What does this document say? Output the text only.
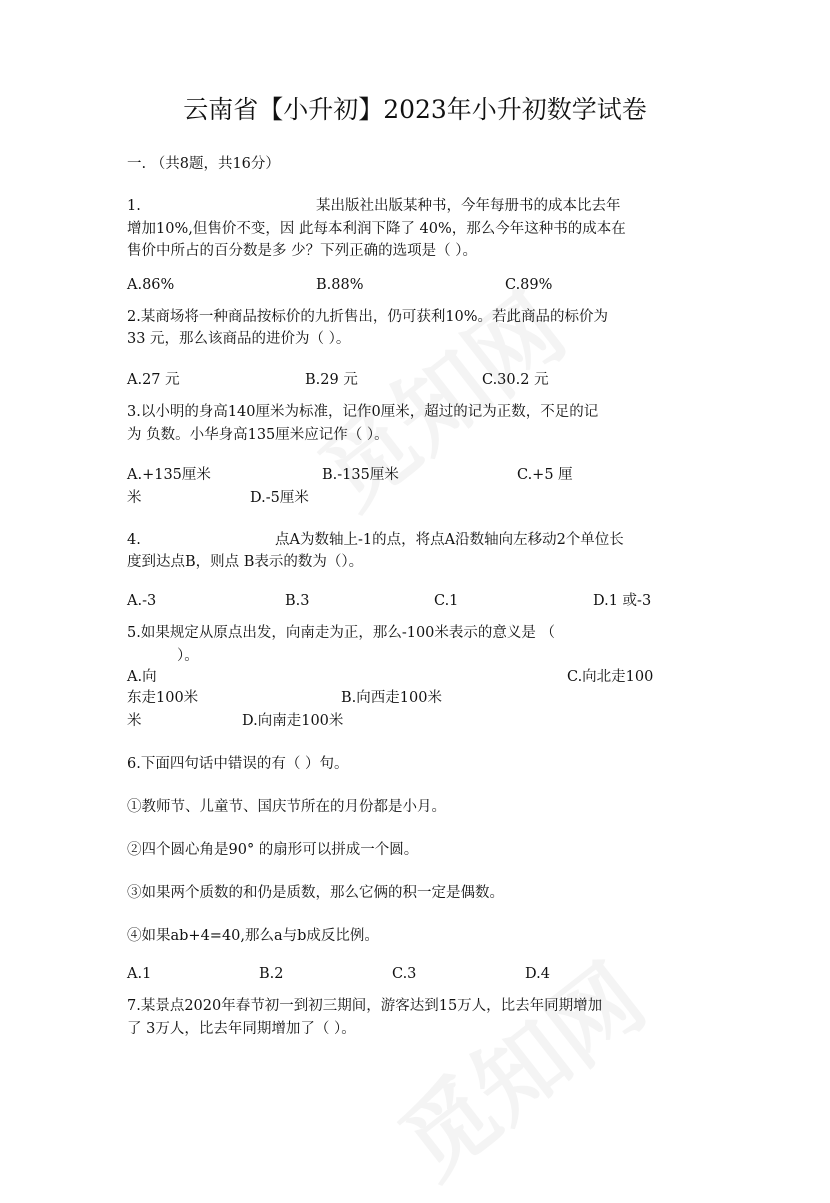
云南省【小升初】2023年小升初数学试卷
一. （共8题，共16分）
1.	某出版社出版某种书，今年每册书的成本比去年
增加10%,但售价不变，因 此每本利润下降了 40%，那么今年这种书的成本在
售价中所占的百分数是多 少？下列正确的选项是（ ）。
A.86%	B.88%	C.89%
2.某商场将一种商品按标价的九折售出，仍可获利10%。若此商品的标价为
33 元，那么该商品的进价为（ ）。
A.27 元	B.29 元	C.30.2 元
3.以小明的身高140厘米为标准，记作0厘米，超过的记为正数，不足的记
为 负数。小华身高135厘米应记作（ ）。
A.+135厘米	B.-135厘米	C.+5 厘
米	D.-5厘米
4.	点A为数轴上-1的点，将点A沿数轴向左移动2个单位长
度到达点B，则点 B表示的数为（）。
A.-3	B.3	C.1	D.1 或-3
5.如果规定从原点出发，向南走为正，那么-100米表示的意义是 （
）。
A.向	C.向北走100
东走100米	B.向西走100米
米	D.向南走100米
6.下面四句话中错误的有（ ）句。
①教师节、儿童节、国庆节所在的月份都是小月。
②四个圆心角是90° 的扇形可以拼成一个圆。
③如果两个质数的和仍是质数，那么它俩的积一定是偶数。
④如果ab+4=40,那么a与b成反比例。
A.1	B.2	C.3	D.4
7.某景点2020年春节初一到初三期间，游客达到15万人，比去年同期增加
了 3万人，比去年同期增加了（ ）。
